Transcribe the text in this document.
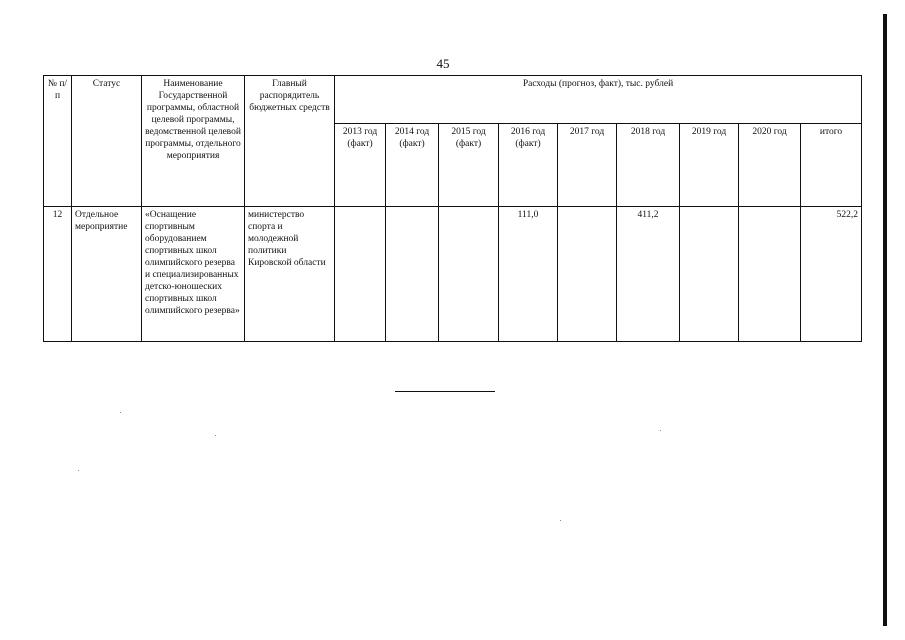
45
№ п/п	Статус	Наименование Государственной программы, областной целевой программы, ведомственной целевой программы, отдельного мероприятия	Главный распорядитель бюджетных средств	Расходы (прогноз, факт), тыс. рублей								
				2013 год (факт)	2014 год (факт)	2015 год (факт)	2016 год (факт)	2017 год	2018 год	2019 год	2020 год	итого
12	Отдельное мероприятие	«Оснащение спортивным оборудованием спортивных школ олимпийского резерва и специализированных детско-юношеских спортивных школ олимпийского резерва»	министерство спорта и молодежной политики Кировской области				111,0		411,2			522,2
